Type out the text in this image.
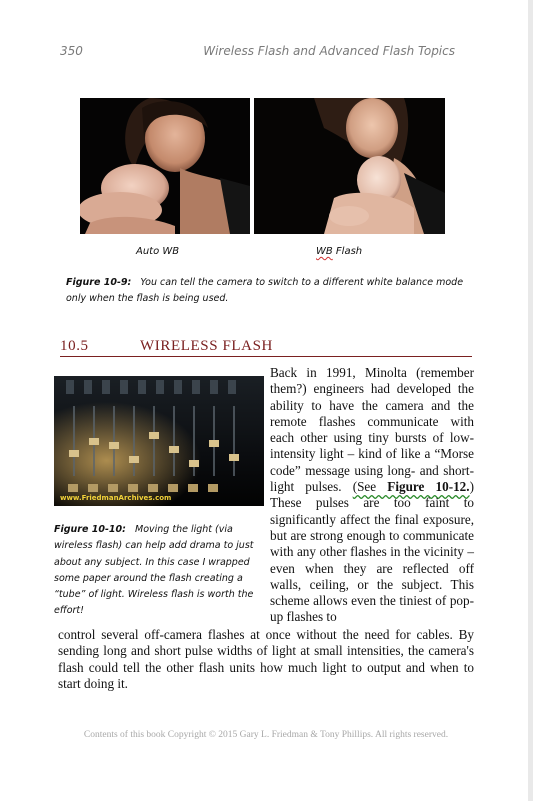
350	Wireless Flash and Advanced Flash Topics
Auto WB	WB Flash
Figure 10-9: You can tell the camera to switch to a different white balance mode only when the flash is being used.
10.5	WIRELESS FLASH
www.FriedmanArchives.com
Figure 10-10: Moving the light (via wireless flash) can help add drama to just about any subject. In this case I wrapped some paper around the flash creating a “tube” of light. Wireless flash is worth the effort!
Back in 1991, Minolta (remember them?) engineers had developed the ability to have the camera and the remote flashes communicate with each other using tiny bursts of low-intensity light – kind of like a “Morse code” message using long- and short-light pulses. (See Figure 10-12.) These pulses are too faint to significantly affect the final exposure, but are strong enough to communicate with any other flashes in the vicinity – even when they are reflected off walls, ceiling, or the subject. This scheme allows even the tiniest of pop-up flashes to
control several off-camera flashes at once without the need for cables. By sending long and short pulse widths of light at small intensities, the camera's flash could tell the other flash units how much light to output and when to start doing it.
Contents of this book Copyright © 2015 Gary L. Friedman & Tony Phillips. All rights reserved.
